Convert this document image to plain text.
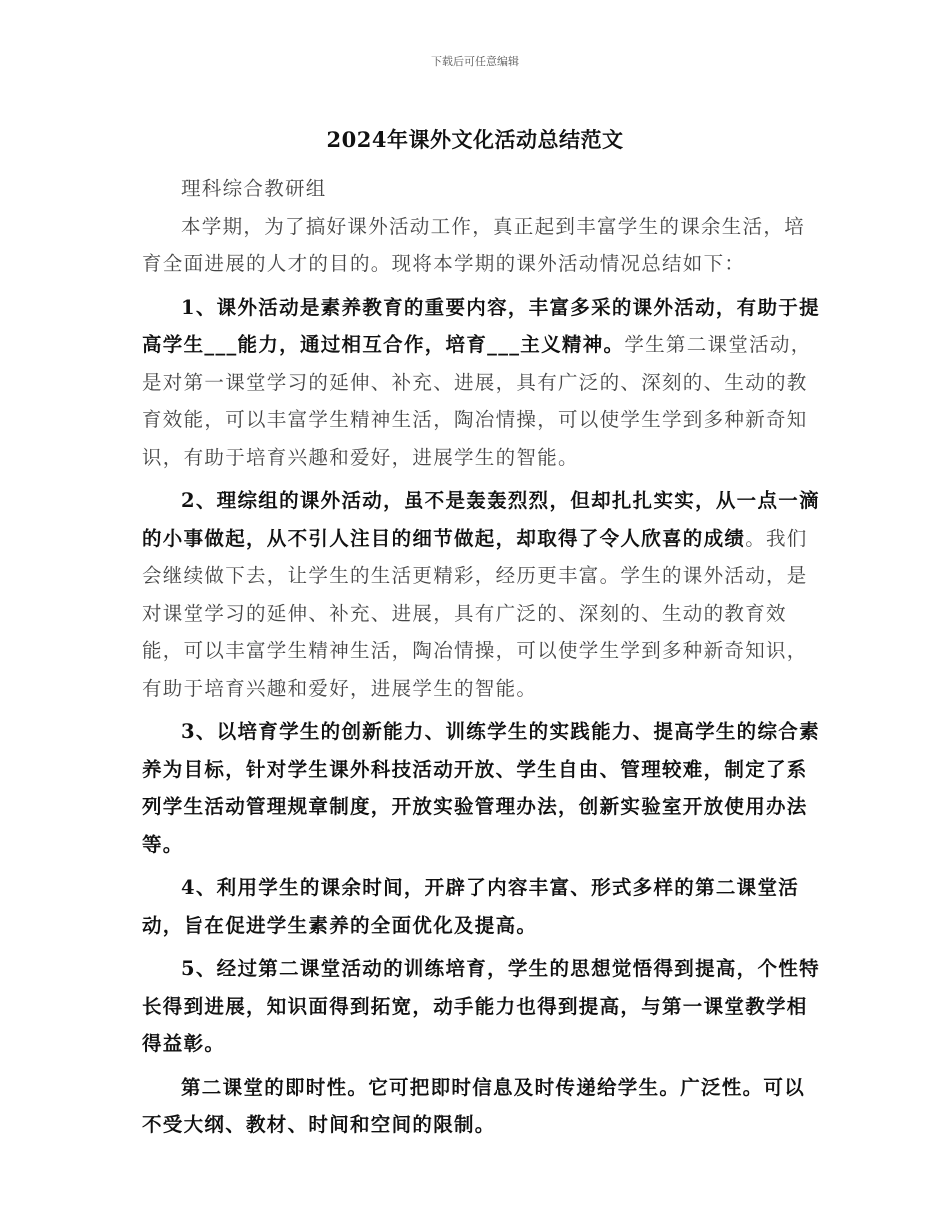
下载后可任意编辑
2024年课外文化活动总结范文

理科综合教研组

本学期，为了搞好课外活动工作，真正起到丰富学生的课余生活，培育全面进展的人才的目的。现将本学期的课外活动情况总结如下：

1、课外活动是素养教育的重要内容，丰富多采的课外活动，有助于提高学生___能力，通过相互合作，培育___主义精神。学生第二课堂活动，是对第一课堂学习的延伸、补充、进展，具有广泛的、深刻的、生动的教育效能，可以丰富学生精神生活，陶冶情操，可以使学生学到多种新奇知识，有助于培育兴趣和爱好，进展学生的智能。

2、理综组的课外活动，虽不是轰轰烈烈，但却扎扎实实，从一点一滴的小事做起，从不引人注目的细节做起，却取得了令人欣喜的成绩。我们会继续做下去，让学生的生活更精彩，经历更丰富。学生的课外活动，是对课堂学习的延伸、补充、进展，具有广泛的、深刻的、生动的教育效能，可以丰富学生精神生活，陶冶情操，可以使学生学到多种新奇知识，有助于培育兴趣和爱好，进展学生的智能。

3、以培育学生的创新能力、训练学生的实践能力、提高学生的综合素养为目标，针对学生课外科技活动开放、学生自由、管理较难，制定了系列学生活动管理规章制度，开放实验管理办法，创新实验室开放使用办法等。

4、利用学生的课余时间，开辟了内容丰富、形式多样的第二课堂活动，旨在促进学生素养的全面优化及提高。

5、经过第二课堂活动的训练培育，学生的思想觉悟得到提高，个性特长得到进展，知识面得到拓宽，动手能力也得到提高，与第一课堂教学相得益彰。

第二课堂的即时性。它可把即时信息及时传递给学生。广泛性。可以不受大纲、教材、时间和空间的限制。
